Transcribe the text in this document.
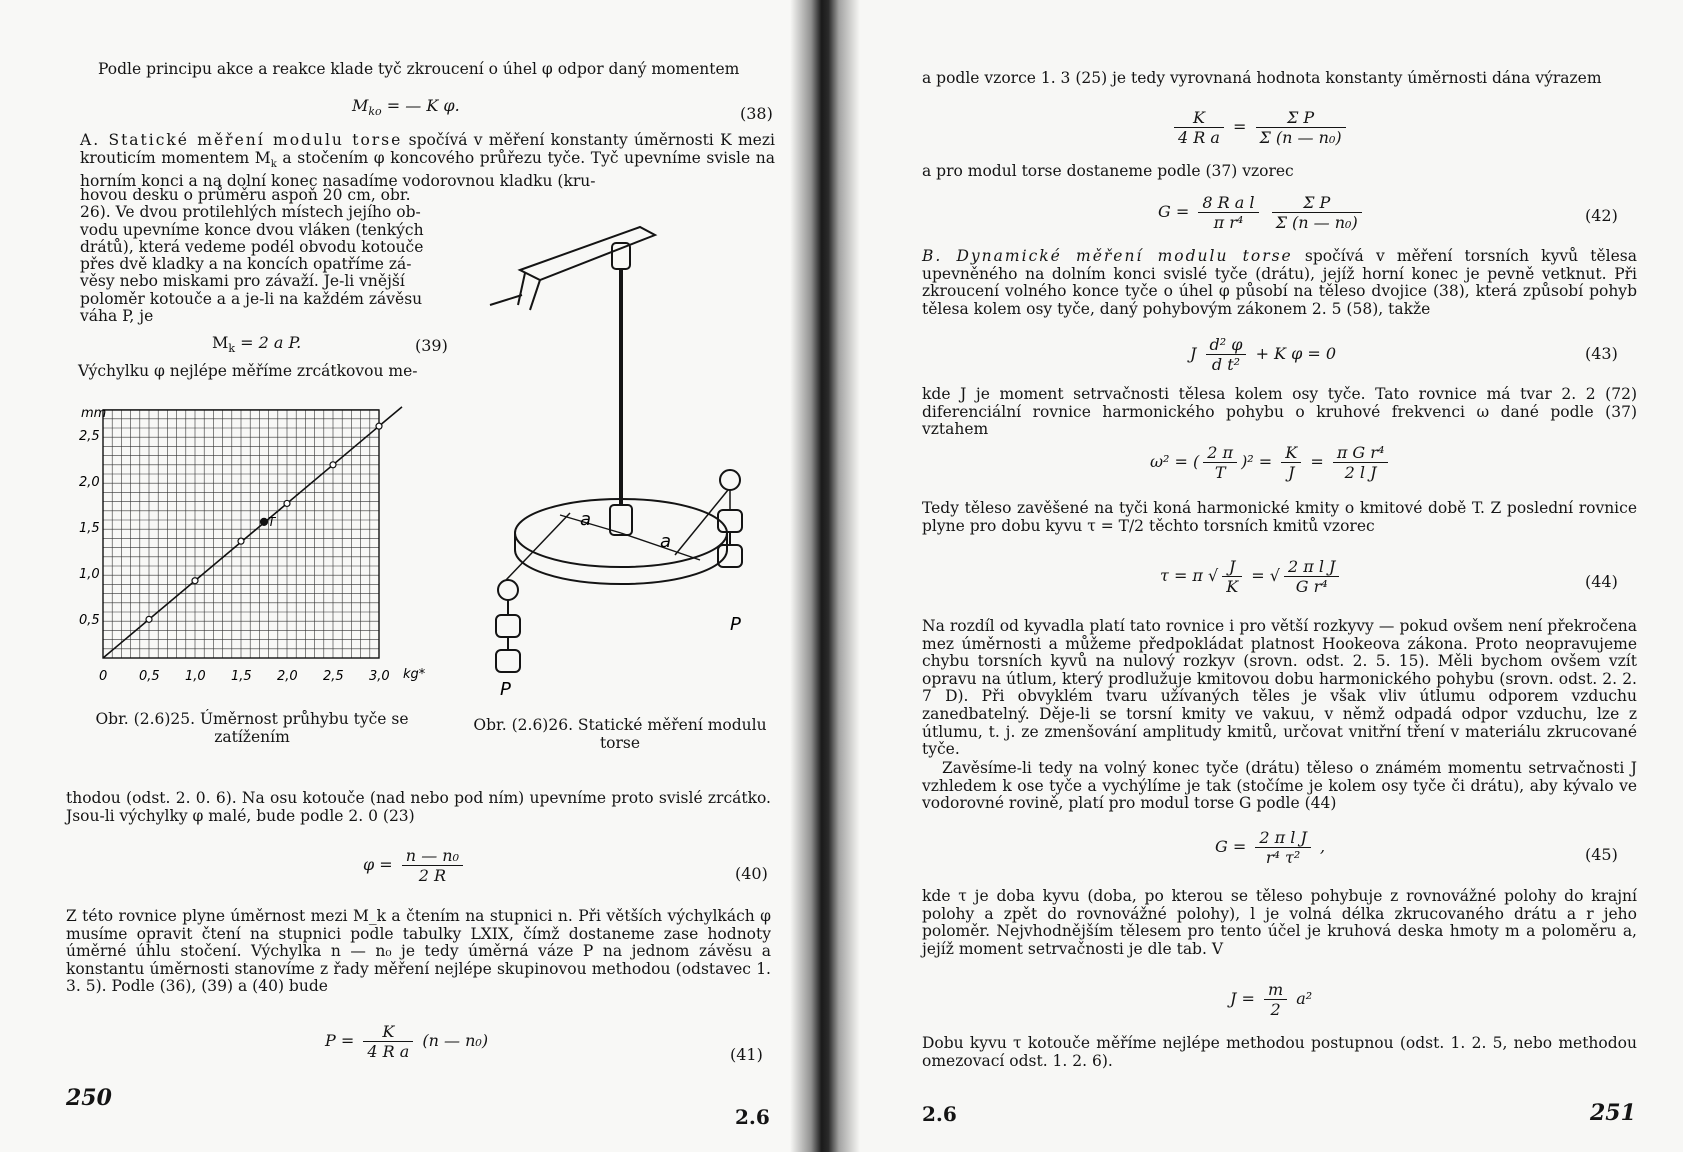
Podle principu akce a reakce klade tyč zkroucení o úhel φ odpor daný momentem
$M_{ko}$ = — K φ.	(38)
A. Statické měření modulu torse spočívá v měření konstanty úměrnosti K mezi krouticím momentem $M_k$ a stočením φ koncového průřezu tyče. Tyč upevníme svisle na horním konci a na dolní konec nasadíme vodorovnou kladku (kru-
hovou desku o průměru aspoň 20 cm, obr.
26). Ve dvou protilehlých místech jejího ob-
vodu upevníme konce dvou vláken (tenkých
drátů), která vedeme podél obvodu kotouče
přes dvě kladky a na koncích opatříme zá-
věsy nebo miskami pro závaží. Je-li vnější
poloměr kotouče a a je-li na každém závěsu
váha P, je
$M_k = 2$ a P.	(39)
Výchylku φ nejlépe měříme zrcátkovou me-
mm
kg*
T
0 0,5 1,0 1,5 2,0 2,5 3,0
0,5
1,0
1,5
2,0
2,5
a
a
P
P
Obr. (2.6)25. Úměrnost průhybu tyče se zatížením
Obr. (2.6)26. Statické měření modulu torse
thodou (odst. 2. 0. 6). Na osu kotouče (nad nebo pod ním) upevníme proto svislé zrcátko. Jsou-li výchylky φ malé, bude podle 2. 0 (23)
$\varphi = \frac{\text{n — n₀}}{2 R}$	(40)
Z této rovnice plyne úměrnost mezi M_k a čtením na stupnici n. Při větších výchylkách φ musíme opravit čtení na stupnici podle tabulky LXIX, čímž dostaneme zase hodnoty úměrné úhlu stočení. Výchylka n — n₀ je tedy úměrná váze P na jednom závěsu a konstantu úměrnosti stanovíme z řady měření nejlépe skupinovou methodou (odstavec 1. 3. 5). Podle (36), (39) a (40) bude
$P = \frac{K}{\text{4 R a}} (n$ — n₀)
(41)
250
2.6
a podle vzorce 1. 3 (25) je tedy vyrovnaná hodnota konstanty úměrnosti dána výrazem
$\frac{K}{\text{4 R a}} = \frac{\text{Σ P}}{\text{Σ (n — n₀)}}$
a pro modul torse dostaneme podle (37) vzorec
$G = \frac{\text{8 R a l}}{\text{π r⁴}}$
$\frac{\text{Σ P}}{\text{Σ (n — n₀)}}$	(42)
B. Dynamické měření modulu torse spočívá v měření torsních kyvů tělesa upevněného na dolním konci svislé tyče (drátu), jejíž horní konec je pevně vetknut. Při zkroucení volného konce tyče o úhel φ působí na těleso dvojice (38), která způsobí pohyb tělesa kolem osy tyče, daný pohybovým zákonem 2. 5 (58), takže
J $\frac{\text{d² φ}}{\text{d t²}} + K$ φ = 0	(43)
kde J je moment setrvačnosti tělesa kolem osy tyče. Tato rovnice má tvar 2. 2 (72) diferenciální rovnice harmonického pohybu o kruhové frekvenci ω dané podle (37) vztahem
ω² = ( $\frac{2 \pi}{T} )^2 = \frac{K}{J} = \frac{\text{π G r⁴}}{\text{2 l J}}$
Tedy těleso zavěšené na tyči koná harmonické kmity o kmitové době T. Z poslední rovnice plyne pro dobu kyvu τ = T/2 těchto torsních kmitů vzorec
τ = π √ $\frac{J}{K}$ = √ $\frac{\text{2 π l J}}{\text{G r⁴}}$	(44)
Na rozdíl od kyvadla platí tato rovnice i pro větší rozkyvy — pokud ovšem není překročena mez úměrnosti a můžeme předpokládat platnost Hookeova zákona. Proto neopravujeme chybu torsních kyvů na nulový rozkyv (srovn. odst. 2. 5. 15). Měli bychom ovšem vzít opravu na útlum, který prodlužuje kmitovou dobu harmonického pohybu (srovn. odst. 2. 2. 7 D). Při obvyklém tvaru užívaných těles je však vliv útlumu odporem vzduchu zanedbatelný. Děje-li se torsní kmity ve vakuu, v němž odpadá odpor vzduchu, lze z útlumu, t. j. ze zmenšování amplitudy kmitů, určovat vnitřní tření v materiálu zkrucované tyče.
Zavěsíme-li tedy na volný konec tyče (drátu) těleso o známém momentu setrvačnosti J vzhledem k ose tyče a vychýlíme je tak (stočíme je kolem osy tyče či drátu), aby kývalo ve vodorovné rovině, platí pro modul torse G podle (44)
$G = \frac{\text{2 π l J}}{\text{r⁴ τ²}}$ ,	(45)
kde τ je doba kyvu (doba, po kterou se těleso pohybuje z rovnovážné polohy do krajní polohy a zpět do rovnovážné polohy), l je volná délka zkrucovaného drátu a r jeho poloměr. Nejvhodnějším tělesem pro tento účel je kruhová deska hmoty m a poloměru a, jejíž moment setrvačnosti je dle tab. V
$J = \frac{m}{2} a^2$
Dobu kyvu τ kotouče měříme nejlépe methodou postupnou (odst. 1. 2. 5, nebo methodou omezovací odst. 1. 2. 6).
2.6	251
